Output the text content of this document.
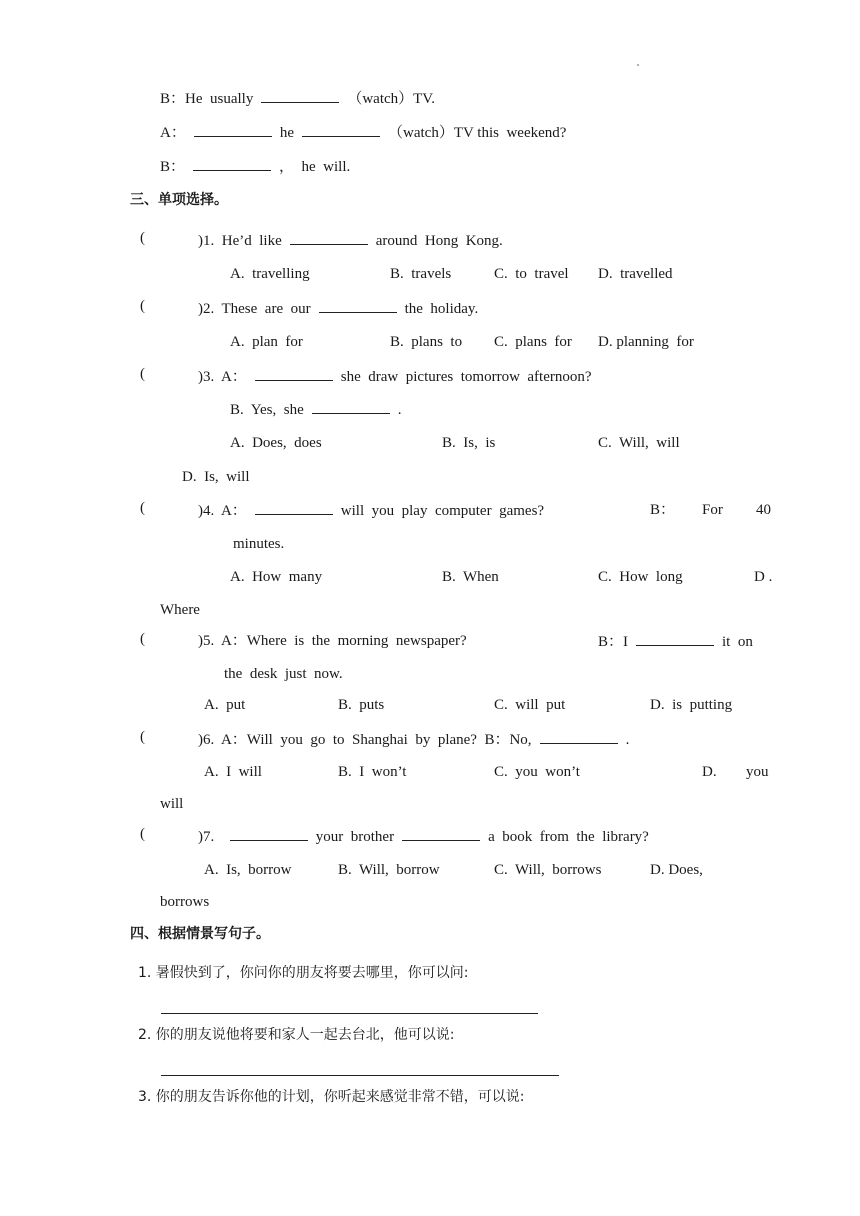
B：He  usually	（watch）TV.
A：	he	（watch）TV this  weekend?
B：	，  he  will.
三、单项选择。
(	)1. He’d  like	around  Hong  Kong.
A.  travelling	B.  travels	C.  to  travel D.  travelled
(	)2. These  are  our	the  holiday.
A.  plan  for	B.  plans  to C.  plans  for D. planning  for
(	)3. A：	she  draw  pictures  tomorrow  afternoon?
B.  Yes,  she	.
A.  Does,  does	B.  Is,  is	C.  Will,  will
D.  Is,  will
(	)4. A：	will  you  play  computer  games?	B： For 40
minutes.
A.  How  many	B.  When	C.  How  long	D .
Where
(	)5. A：Where  is  the  morning  newspaper?	B：I	it  on
the  desk  just  now.
A.  put	B.  puts	C.  will  put	D.  is  putting
(	)6. A：Will  you  go  to  Shanghai  by  plane?  B：No,	.
A.  I  will	B.  I  won’t	C.  you  won’t	D. you
will
(	)7.	your  brother	a  book  from  the  library?
A.  Is,  borrow	B.  Will,  borrow	C.  Will,  borrows	D. Does,
borrows
四、根据情景写句子。
1. 暑假快到了，你问你的朋友将要去哪里，你可以问:
2. 你的朋友说他将要和家人一起去台北，他可以说:
3. 你的朋友告诉你他的计划，你听起来感觉非常不错，可以说:
